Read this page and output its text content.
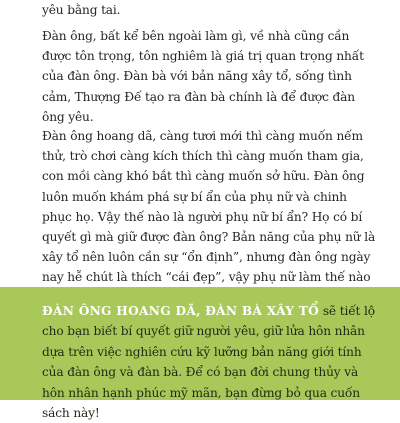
yêu bằng tai.

Đàn ông, bất kể bên ngoài làm gì, về nhà cũng cần được tôn trọng, tôn nghiêm là giá trị quan trọng nhất của đàn ông. Đàn bà với bản năng xây tổ, sống tình cảm, Thượng Đế tạo ra đàn bà chính là để được đàn ông yêu.

Đàn ông hoang dã, càng tươi mới thì càng muốn nếm thử, trò chơi càng kích thích thì càng muốn tham gia, con mồi càng khó bắt thì càng muốn sở hữu. Đàn ông luôn muốn khám phá sự bí ẩn của phụ nữ và chinh phục họ. Vậy thế nào là người phụ nữ bí ẩn? Họ có bí quyết gì mà giữ được đàn ông? Bản năng của phụ nữ là xây tổ nên luôn cần sự “ổn định”, nhưng đàn ông ngày nay hễ chút là thích “cái đẹp”, vậy phụ nữ làm thế nào

ĐÀN ÔNG HOANG DÃ, ĐÀN BÀ XÂY TỔ sẽ tiết lộ cho bạn biết bí quyết giữ người yêu, giữ lửa hôn nhân dựa trên việc nghiên cứu kỹ lưỡng bản năng giới tính của đàn ông và đàn bà. Để có bạn đời chung thủy và hôn nhân hạnh phúc mỹ mãn, bạn đừng bỏ qua cuốn sách này!
